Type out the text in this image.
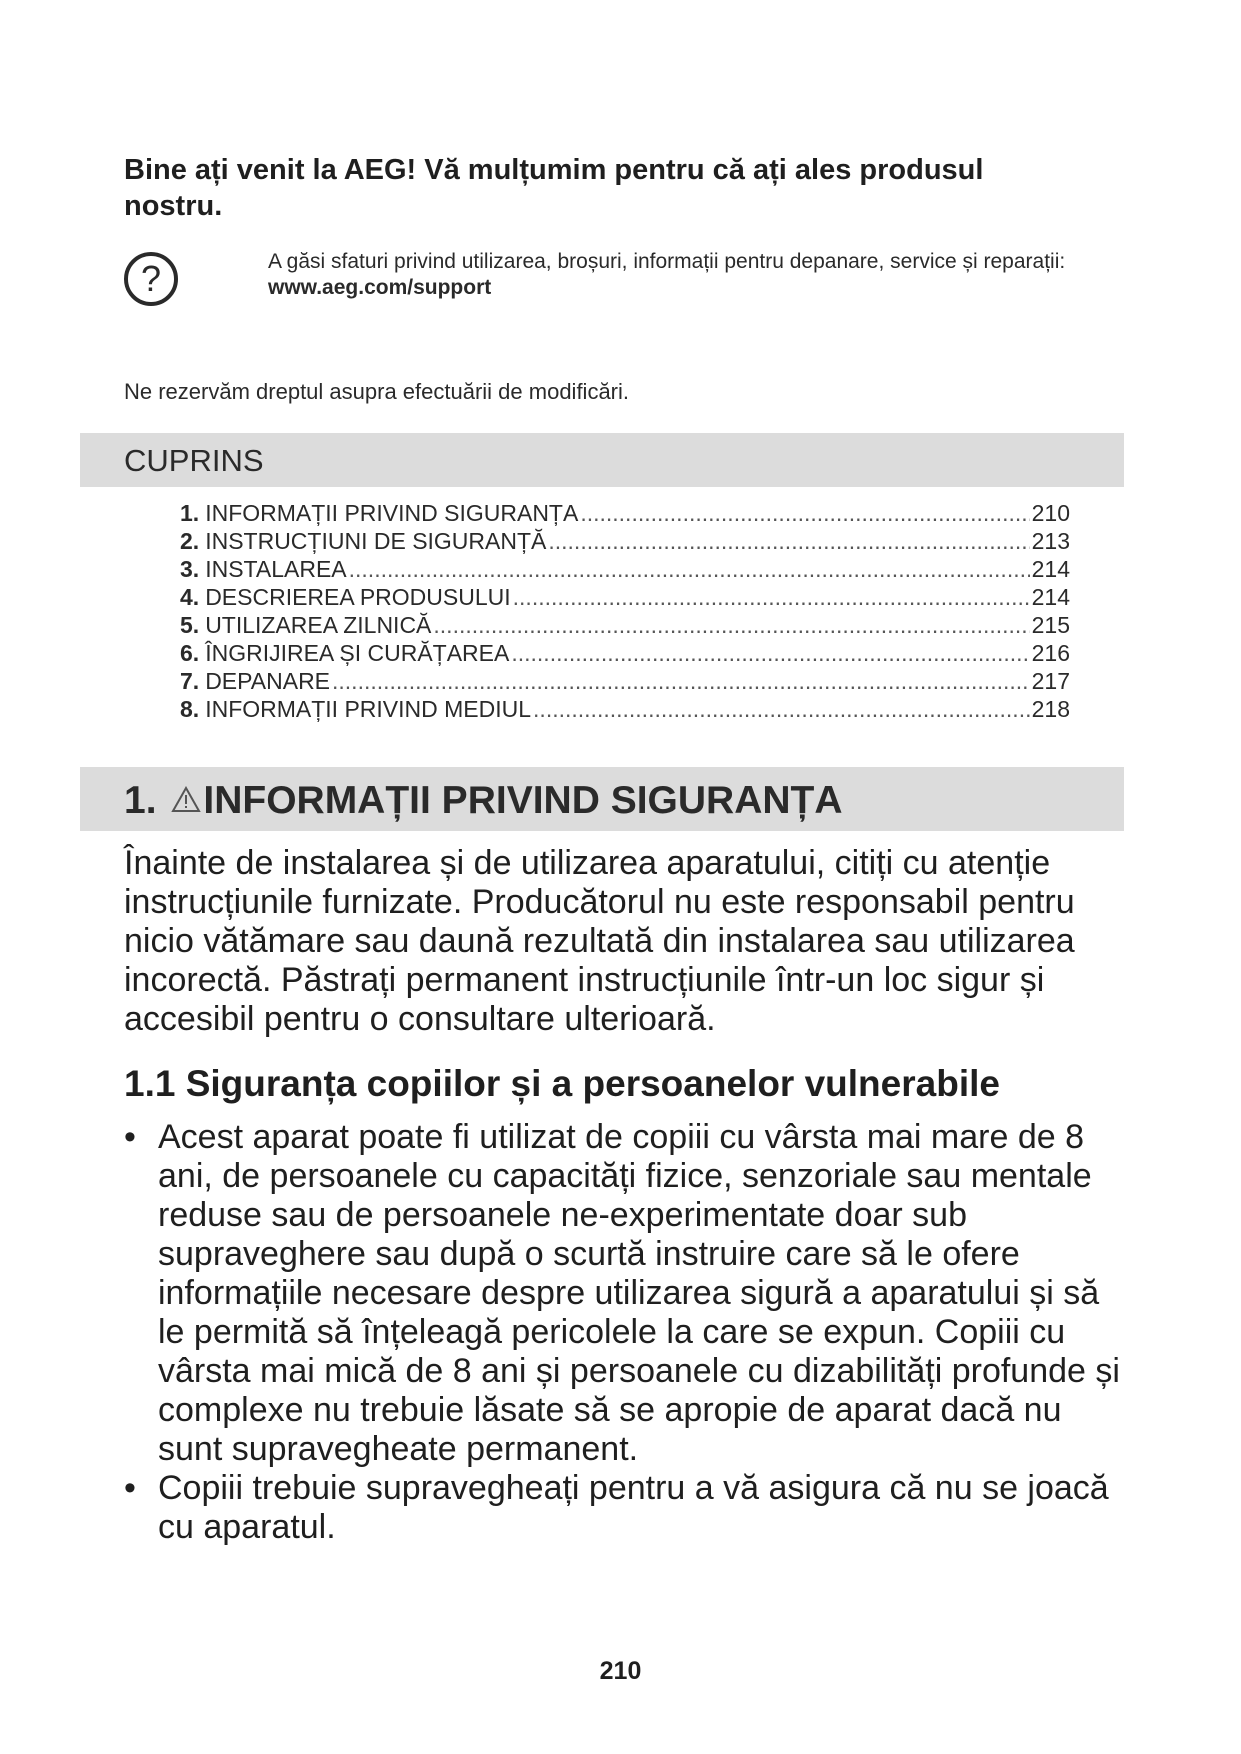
Bine ați venit la AEG! Vă mulțumim pentru că ați ales produsul nostru.
?	A găsi sfaturi privind utilizarea, broșuri, informații pentru depanare, service și reparații:
www.aeg.com/support
Ne rezervăm dreptul asupra efectuării de modificări.
CUPRINS
1. INFORMAȚII PRIVIND SIGURANȚA .....	210
2. INSTRUCȚIUNI DE SIGURANȚĂ .....	213
3. INSTALAREA .....	214
4. DESCRIEREA PRODUSULUI .....	214
5. UTILIZAREA ZILNICĂ .....	215
6. ÎNGRIJIREA ȘI CURĂȚAREA .....	216
7. DEPANARE .....	217
8. INFORMAȚII PRIVIND MEDIUL .....	218
1. INFORMAȚII PRIVIND SIGURANȚA

Înainte de instalarea și de utilizarea aparatului, citiți cu atenție instrucțiunile furnizate. Producătorul nu este responsabil pentru nicio vătămare sau daună rezultată din instalarea sau utilizarea incorectă. Păstrați permanent instrucțiunile într-un loc sigur și accesibil pentru o consultare ulterioară.

1.1 Siguranța copiilor și a persoanelor vulnerabile
• Acest aparat poate fi utilizat de copiii cu vârsta mai mare de 8 ani, de persoanele cu capacități fizice, senzoriale sau mentale reduse sau de persoanele ne-experimentate doar sub supraveghere sau după o scurtă instruire care să le ofere informațiile necesare despre utilizarea sigură a aparatului și să le permită să înțeleagă pericolele la care se expun. Copiii cu vârsta mai mică de 8 ani și persoanele cu dizabilități profunde și complexe nu trebuie lăsate să se apropie de aparat dacă nu sunt supravegheate permanent.
• Copiii trebuie supravegheați pentru a vă asigura că nu se joacă cu aparatul.
210
